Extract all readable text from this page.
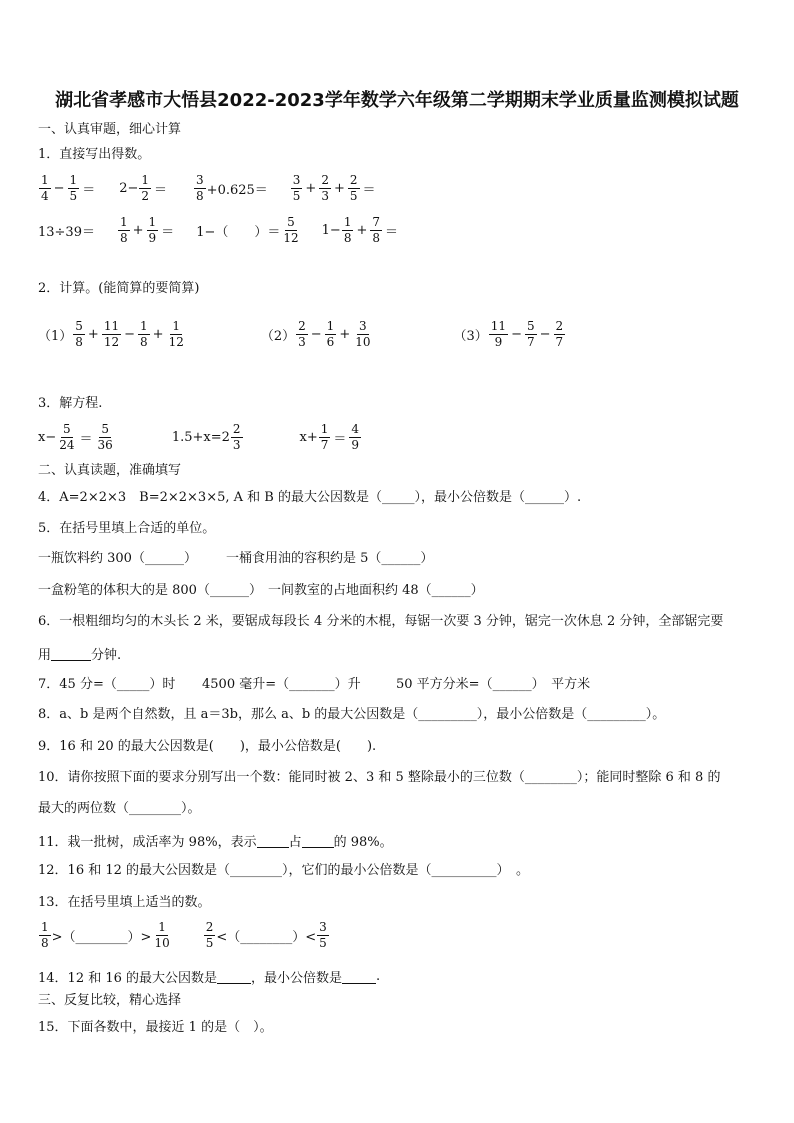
湖北省孝感市大悟县2022-2023学年数学六年级第二学期期末学业质量监测模拟试题
一、认真审题，细心计算
1．直接写出得数。
$\frac{1}{4} - \frac{1}{5} = 2- \frac{1}{2} = \frac{3}{8} +0.625= \frac{3}{5} + \frac{2}{3} + \frac{2}{5}$ ＝
$13\div 39= \frac{1}{8} + \frac{1}{9} = 1-$（　　）＝ $\frac{5}{12} 1- \frac{1}{8} + \frac{7}{8}$ ＝
2．计算。(能简算的要简算)
$(1) \frac{5}{8} + \frac{11}{12} - \frac{1}{8} + \frac{1}{12}$	$(2) \frac{2}{3} - \frac{1}{6} + \frac{3}{10}$	$(3) \frac{11}{9} - \frac{5}{7} - \frac{2}{7}$
3．解方程.
$x- \frac{5}{24} = \frac{5}{36}$	$1.5+x=2 \frac{2}{3}$	$x+ \frac{1}{7} = \frac{4}{9}$
二、认真读题，准确填写
4．A=2×2×3　B=2×2×3×5, A 和 B 的最大公因数是（_____），最小公倍数是（______）.
5．在括号里填上合适的单位。
一瓶饮料约 300（______） 一桶食用油的容积约是 5（______）
一盒粉笔的体积大的是 800（______） 一间教室的占地面积约 48（______）
6．一根粗细均匀的木头长 2 米，要锯成每段长 4 分米的木棍，每锯一次要 3 分钟，锯完一次休息 2 分钟，全部锯完要
用	分钟.
7．45 分=（_____）时 4500 毫升=（_______）升	50 平方分米=（______）　平方米
8．a、b 是两个自然数，且 a＝3b，那么 a、b 的最大公因数是（_________），最小公倍数是（_________）。
9．16 和 20 的最大公因数是(　　)，最小公倍数是(　　).
10．请你按照下面的要求分别写出一个数：能同时被 2、3 和 5 整除最小的三位数（________）；能同时整除 6 和 8 的
最大的两位数（________）。
11．栽一批树，成活率为 98%，表示 占 的 98%。
12．16 和 12 的最大公因数是（________），它们的最小公倍数是（__________）　。
13．在括号里填上适当的数。
$\frac{1}{8}$ >（________）> $\frac{1}{10}$	$\frac{2}{5}$ <（________）< $\frac{3}{5}$
14．12 和 16 的最大公因数是	，最小公倍数是	.
三、反复比较，精心选择
15．下面各数中，最接近 1 的是（　）。
